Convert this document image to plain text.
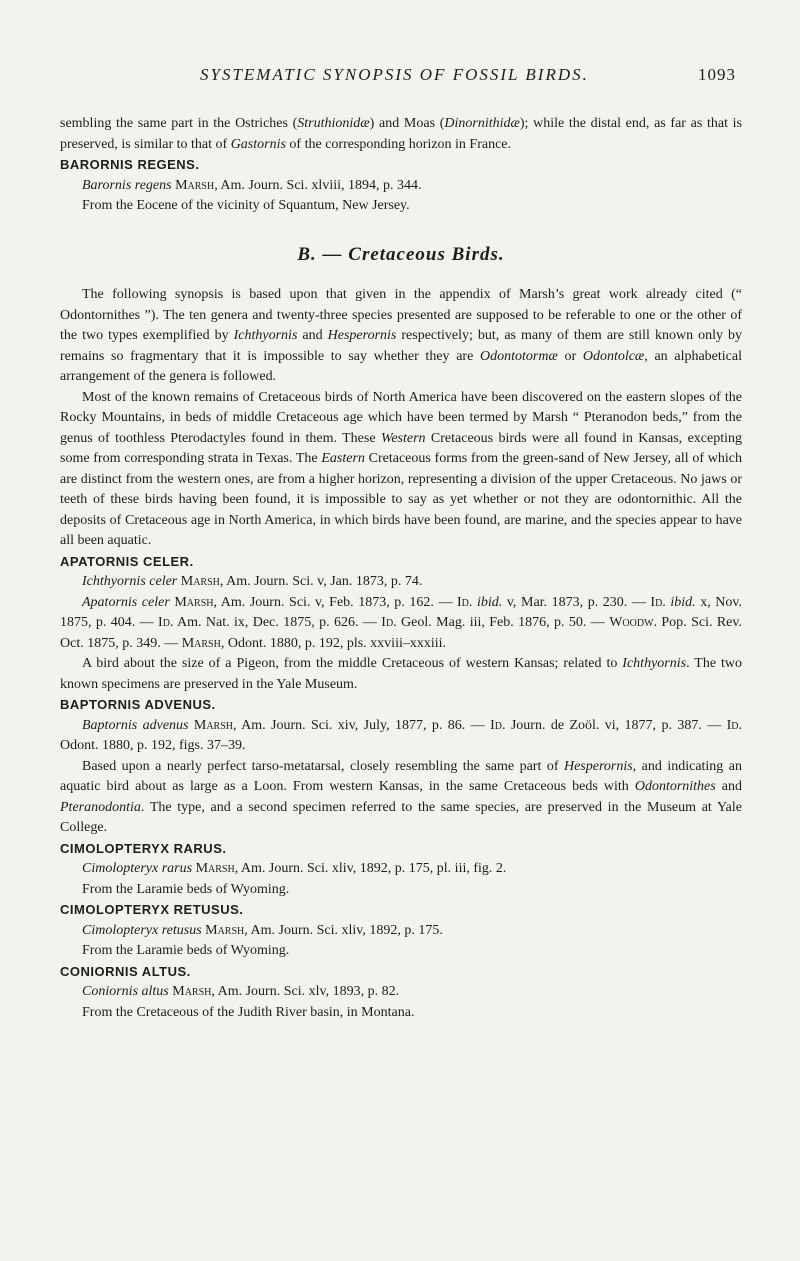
SYSTEMATIC SYNOPSIS OF FOSSIL BIRDS.	1093

sembling the same part in the Ostriches (Struthionidæ) and Moas (Dinornithidæ); while the distal end, as far as that is preserved, is similar to that of Gastornis of the corresponding horizon in France.

BARORNIS REGENS.

Barornis regens Marsh, Am. Journ. Sci. xlviii, 1894, p. 344.

From the Eocene of the vicinity of Squantum, New Jersey.

B. — Cretaceous Birds.

The following synopsis is based upon that given in the appendix of Marsh’s great work already cited (“ Odontornithes ”). The ten genera and twenty-three species presented are supposed to be referable to one or the other of the two types exemplified by Ichthyornis and Hesperornis respectively; but, as many of them are still known only by remains so fragmentary that it is impossible to say whether they are Odontotormæ or Odontolcæ, an alphabetical arrangement of the genera is followed.

Most of the known remains of Cretaceous birds of North America have been discovered on the eastern slopes of the Rocky Mountains, in beds of middle Cretaceous age which have been termed by Marsh “ Pteranodon beds,” from the genus of toothless Pterodactyles found in them. These Western Cretaceous birds were all found in Kansas, excepting some from corresponding strata in Texas. The Eastern Cretaceous forms from the green-sand of New Jersey, all of which are distinct from the western ones, are from a higher horizon, representing a division of the upper Cretaceous. No jaws or teeth of these birds having been found, it is impossible to say as yet whether or not they are odontornithic. All the deposits of Cretaceous age in North America, in which birds have been found, are marine, and the species appear to have all been aquatic.

APATORNIS CELER.

Ichthyornis celer Marsh, Am. Journ. Sci. v, Jan. 1873, p. 74.

Apatornis celer Marsh, Am. Journ. Sci. v, Feb. 1873, p. 162. — Id. ibid. v, Mar. 1873, p. 230. — Id. ibid. x, Nov. 1875, p. 404. — Id. Am. Nat. ix, Dec. 1875, p. 626. — Id. Geol. Mag. iii, Feb. 1876, p. 50. — Woodw. Pop. Sci. Rev. Oct. 1875, p. 349. — Marsh, Odont. 1880, p. 192, pls. xxviii–xxxiii.

A bird about the size of a Pigeon, from the middle Cretaceous of western Kansas; related to Ichthyornis. The two known specimens are preserved in the Yale Museum.

BAPTORNIS ADVENUS.

Baptornis advenus Marsh, Am. Journ. Sci. xiv, July, 1877, p. 86. — Id. Journ. de Zoöl. vi, 1877, p. 387. — Id. Odont. 1880, p. 192, figs. 37–39.

Based upon a nearly perfect tarso-metatarsal, closely resembling the same part of Hesperornis, and indicating an aquatic bird about as large as a Loon. From western Kansas, in the same Cretaceous beds with Odontornithes and Pteranodontia. The type, and a second specimen referred to the same species, are preserved in the Museum at Yale College.

CIMOLOPTERYX RARUS.

Cimolopteryx rarus Marsh, Am. Journ. Sci. xliv, 1892, p. 175, pl. iii, fig. 2.

From the Laramie beds of Wyoming.

CIMOLOPTERYX RETUSUS.

Cimolopteryx retusus Marsh, Am. Journ. Sci. xliv, 1892, p. 175.

From the Laramie beds of Wyoming.

CONIORNIS ALTUS.

Coniornis altus Marsh, Am. Journ. Sci. xlv, 1893, p. 82.

From the Cretaceous of the Judith River basin, in Montana.
